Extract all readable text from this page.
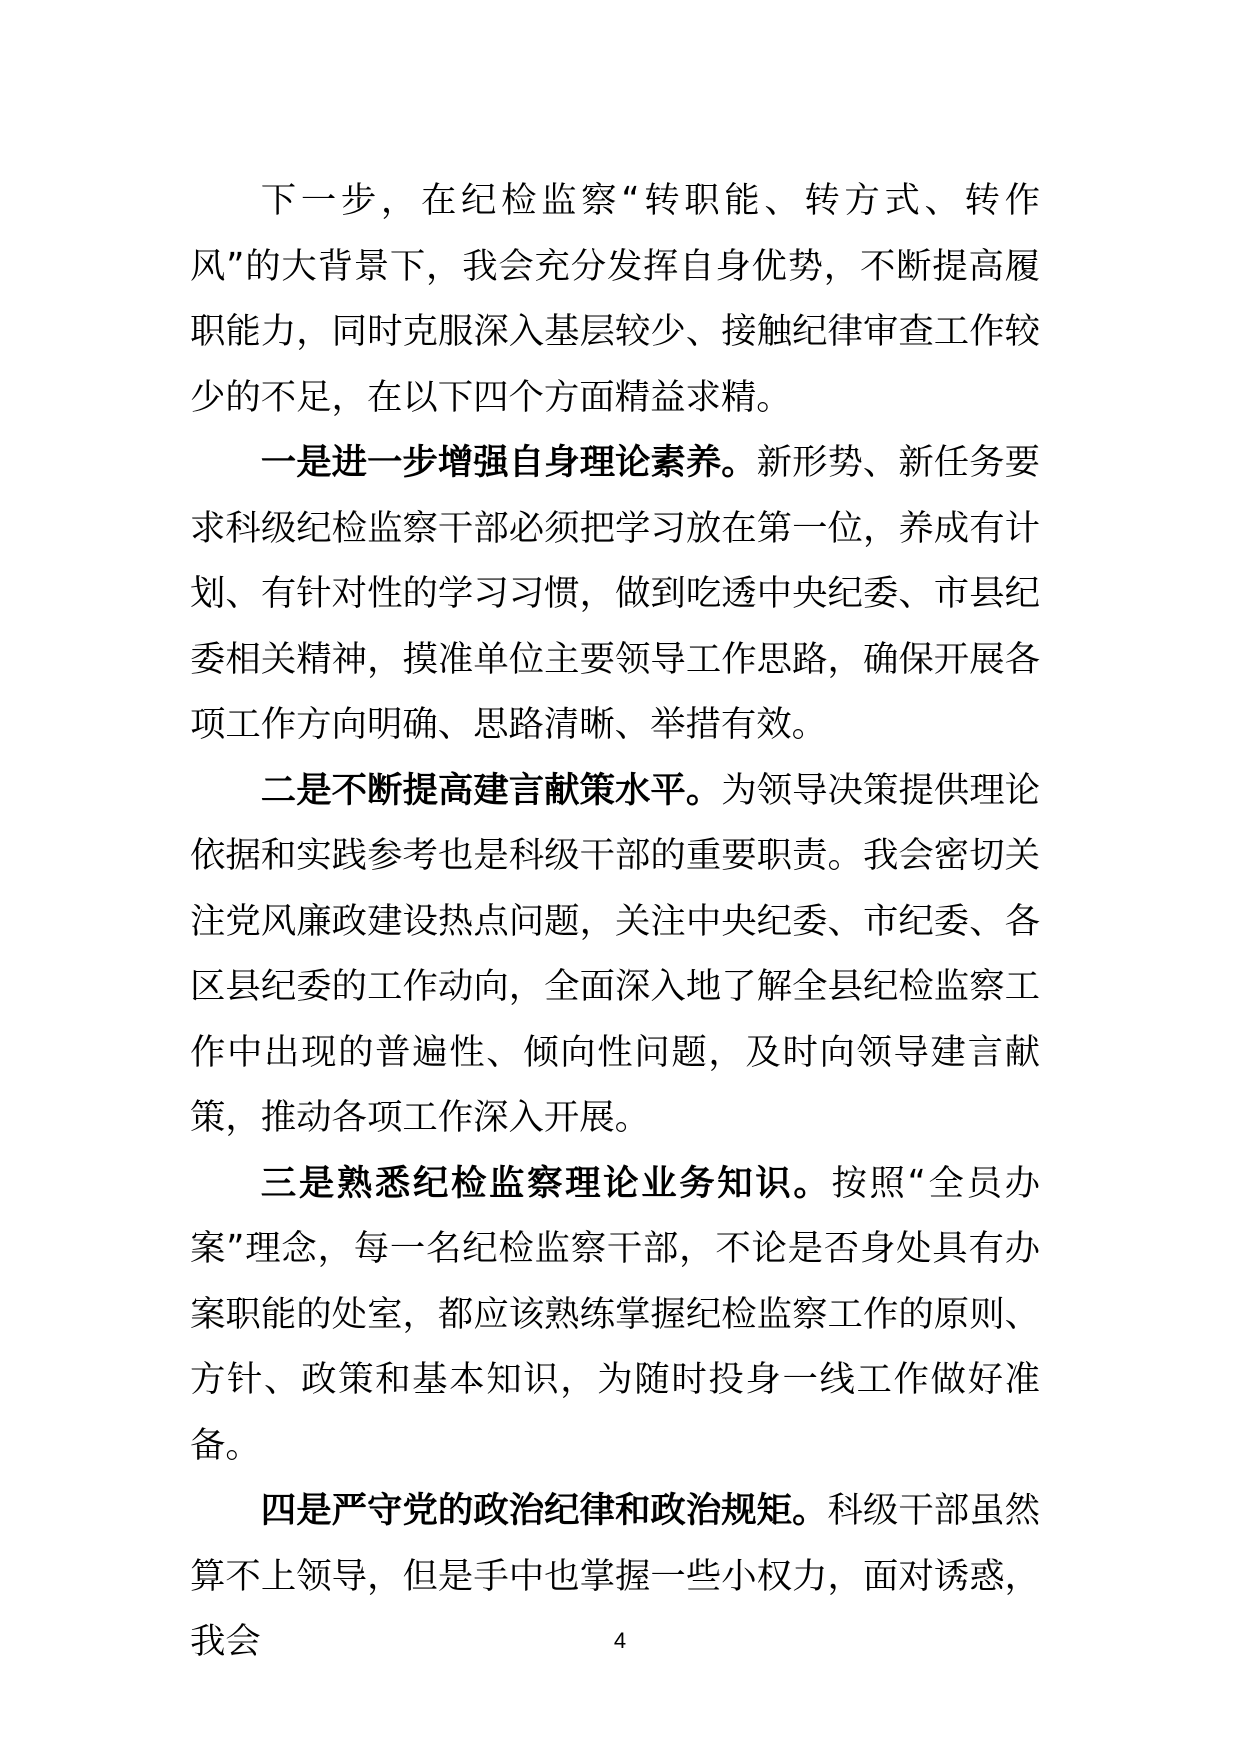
下一步，在纪检监察“转职能、转方式、转作风”的大背景下，我会充分发挥自身优势，不断提高履职能力，同时克服深入基层较少、接触纪律审查工作较少的不足，在以下四个方面精益求精。

一是进一步增强自身理论素养。新形势、新任务要求科级纪检监察干部必须把学习放在第一位，养成有计划、有针对性的学习习惯，做到吃透中央纪委、市县纪委相关精神，摸准单位主要领导工作思路，确保开展各项工作方向明确、思路清晰、举措有效。

二是不断提高建言献策水平。为领导决策提供理论依据和实践参考也是科级干部的重要职责。我会密切关注党风廉政建设热点问题，关注中央纪委、市纪委、各区县纪委的工作动向，全面深入地了解全县纪检监察工作中出现的普遍性、倾向性问题，及时向领导建言献策，推动各项工作深入开展。

三是熟悉纪检监察理论业务知识。按照“全员办案”理念，每一名纪检监察干部，不论是否身处具有办案职能的处室，都应该熟练掌握纪检监察工作的原则、方针、政策和基本知识，为随时投身一线工作做好准备。

四是严守党的政治纪律和政治规矩。科级干部虽然算不上领导，但是手中也掌握一些小权力，面对诱惑，我会	4
